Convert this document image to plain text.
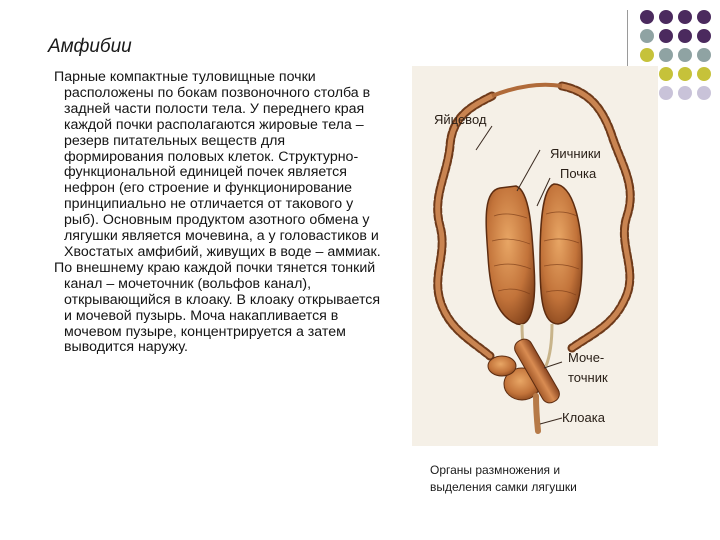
Амфибии

Парные компактные туловищные почки расположены по бокам позвоночного столба в задней части полости тела. У переднего края каждой почки располагаются жировые тела – резерв питательных веществ для формирования половых клеток. Структурно-функциональной единицей почек является нефрон (его строение и функционирование принципиально не отличается от такового у рыб). Основным продуктом азотного обмена у лягушки является мочевина, а у головастиков и Хвостатых амфибий, живущих в воде – аммиак.

По внешнему краю каждой почки тянется тонкий канал – мочеточник (вольфов канал), открывающийся в клоаку. В клоаку открывается и мочевой пузырь. Моча накапливается в мочевом пузыре, концентрируется а затем выводится наружу.

Яйцевод
Яичники
Почка
Моче-
точник
Клоака
Органы размножения и
выделения самки лягушки
